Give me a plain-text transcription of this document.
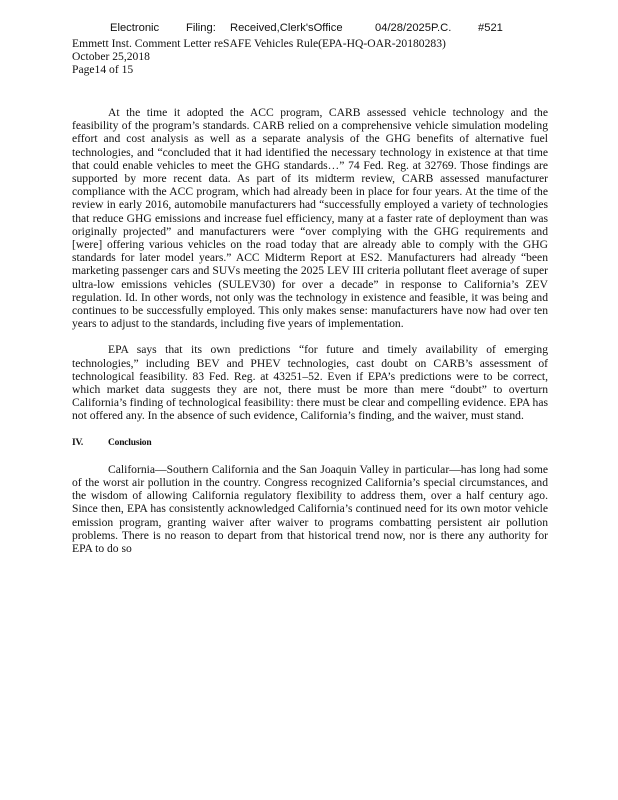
Electronic Filing: Received,Clerk'sOffice	04/28/2025P.C. #521
Emmett Inst. Comment Letter reSAFE Vehicles Rule(EPA-HQ-OAR-20180283)
October 25,2018
Page14 of 15

At the time it adopted the ACC program, CARB assessed vehicle technology and the feasibility of the program’s standards. CARB relied on a comprehensive vehicle simulation modeling effort and cost analysis as well as a separate analysis of the GHG benefits of alternative fuel technologies, and “concluded that it had identified the necessary technology in existence at that time that could enable vehicles to meet the GHG standards…” 74 Fed. Reg. at 32769. Those findings are supported by more recent data. As part of its midterm review, CARB assessed manufacturer compliance with the ACC program, which had already been in place for four years. At the time of the review in early 2016, automobile manufacturers had “successfully employed a variety of technologies that reduce GHG emissions and increase fuel efficiency, many at a faster rate of deployment than was originally projected” and manufacturers were “over complying with the GHG requirements and [were] offering various vehicles on the road today that are already able to comply with the GHG standards for later model years.” ACC Midterm Report at ES2. Manufacturers had already “been marketing passenger cars and SUVs meeting the 2025 LEV III criteria pollutant fleet average of super ultra-low emissions vehicles (SULEV30) for over a decade” in response to California’s ZEV regulation. Id. In other words, not only was the technology in existence and feasible, it was being and continues to be successfully employed. This only makes sense: manufacturers have now had over ten years to adjust to the standards, including five years of implementation.

EPA says that its own predictions “for future and timely availability of emerging technologies,” including BEV and PHEV technologies, cast doubt on CARB’s assessment of technological feasibility. 83 Fed. Reg. at 43251–52. Even if EPA’s predictions were to be correct, which market data suggests they are not, there must be more than mere “doubt” to overturn California’s finding of technological feasibility: there must be clear and compelling evidence. EPA has not offered any. In the absence of such evidence, California’s finding, and the waiver, must stand.

IV.	Conclusion

California—Southern California and the San Joaquin Valley in particular—has long had some of the worst air pollution in the country. Congress recognized California’s special circumstances, and the wisdom of allowing California regulatory flexibility to address them, over a half century ago. Since then, EPA has consistently acknowledged California’s continued need for its own motor vehicle emission program, granting waiver after waiver to programs combatting persistent air pollution problems. There is no reason to depart from that historical trend now, nor is there any authority for EPA to do so
